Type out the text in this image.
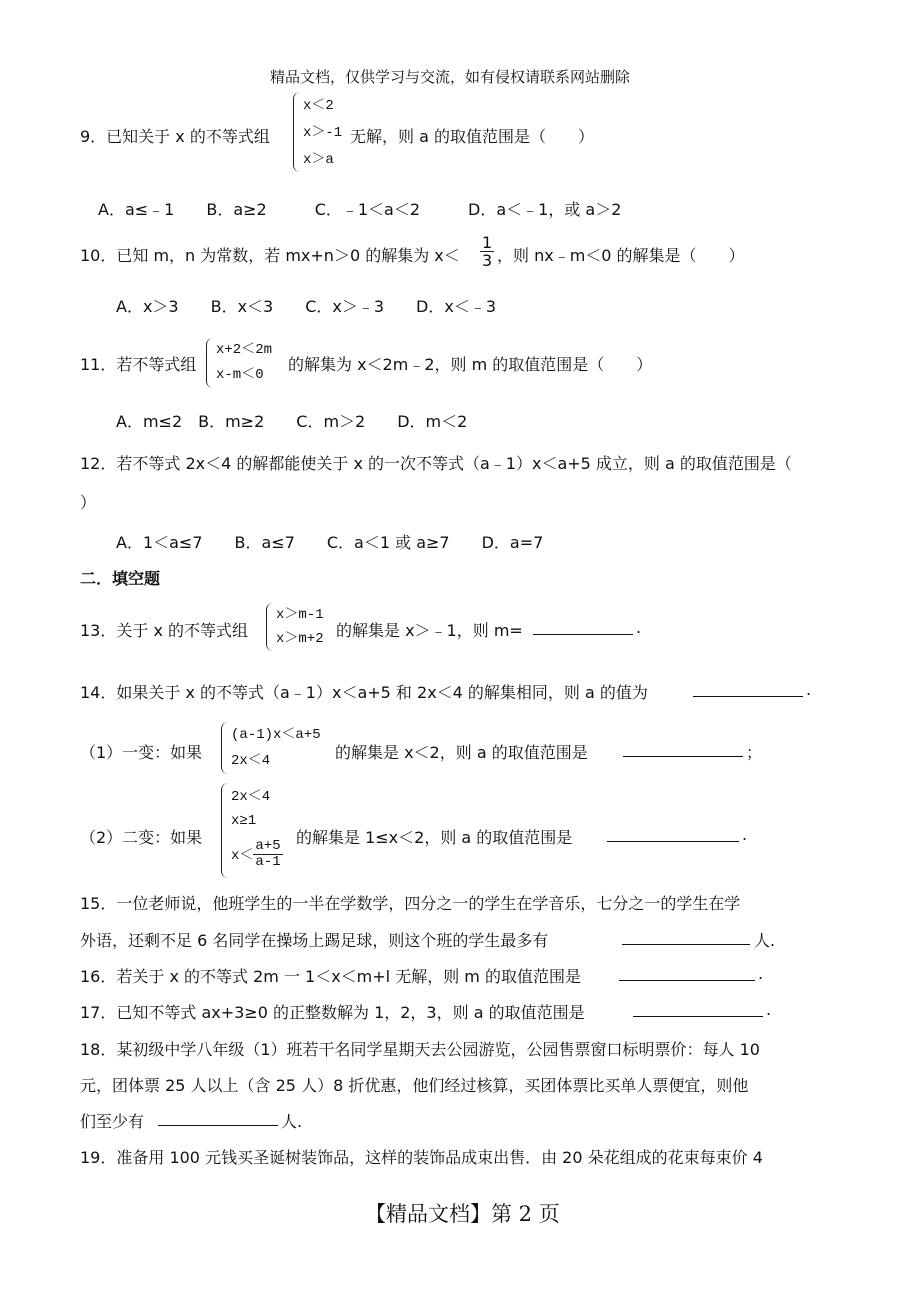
精品文档，仅供学习与交流，如有侵权请联系网站删除
9．已知关于 x 的不等式组
x＜2
x＞-1
x＞a
无解，则 a 的取值范围是（　　）
A．a≤﹣1　　B．a≥2　　　C．﹣1＜a＜2　　　D．a＜﹣1，或 a＞2
10．已知 m，n 为常数，若 mx+n＞0 的解集为 $x< \frac{1}{3}$ ，则 nx﹣m＜0 的解集是（　　）
A．x＞3　　B．x＜3　　C．x＞﹣3　　D．x＜﹣3
11．若不等式组
x+2＜2m
x-m＜0
的解集为 x＜2m﹣2，则 m 的取值范围是（　　）
A．m≤2　B．m≥2　　C．m＞2　　D．m＜2
12．若不等式 2x＜4 的解都能使关于 x 的一次不等式（a﹣1）x＜a+5 成立，则 a 的取值范围是（
）
A．1＜a≤7　　B．a≤7　　C．a＜1 或 a≥7　　D．a=7
二．填空题
13．关于 x 的不等式组
x＞m-1
x＞m+2 的解集是 x＞﹣1，则 m=	.
14．如果关于 x 的不等式（a﹣1）x＜a+5 和 2x＜4 的解集相同，则 a 的值为	.
（1）一变：如果
(a-1)x＜a+5
2x＜4	的解集是 x＜2，则 a 的取值范围是	；
（2）二变：如果
2x＜4
x≥1
$x< \frac{a+5}{a-1}$
的解集是 1≤x＜2，则 a 的取值范围是	.
15．一位老师说，他班学生的一半在学数学，四分之一的学生在学音乐，七分之一的学生在学
外语，还剩不足 6 名同学在操场上踢足球，则这个班的学生最多有	人.
16．若关于 x 的不等式 2m 一 1＜x＜m+l 无解，则 m 的取值范围是	.
17．已知不等式 ax+3≥0 的正整数解为 1，2，3，则 a 的取值范围是	.
18．某初级中学八年级（1）班若干名同学星期天去公园游览，公园售票窗口标明票价：每人 10
元，团体票 25 人以上（含 25 人）8 折优惠，他们经过核算，买团体票比买单人票便宜，则他
们至少有	人.
19．准备用 100 元钱买圣诞树装饰品，这样的装饰品成束出售．由 20 朵花组成的花束每束价 4
【精品文档】第 2 页
